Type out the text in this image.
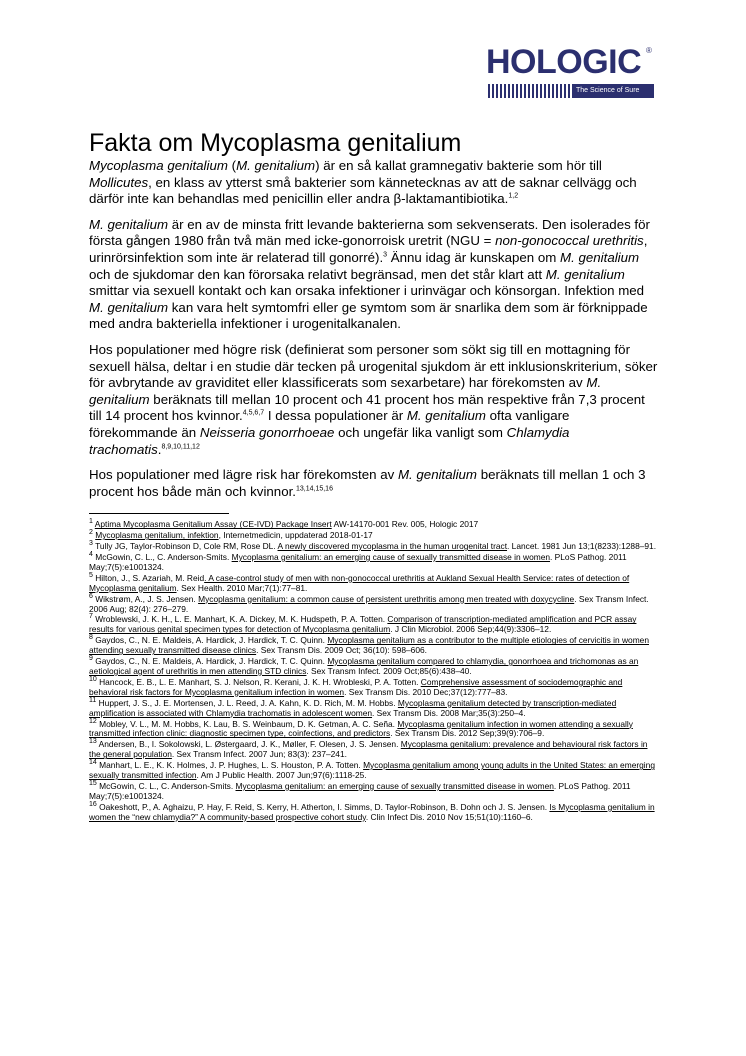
HOLOGIC ®
The Science of Sure
Fakta om Mycoplasma genitalium

Mycoplasma genitalium (M. genitalium) är en så kallat gramnegativ bakterie som hör till Mollicutes, en klass av ytterst små bakterier som kännetecknas av att de saknar cellvägg och därför inte kan behandlas med penicillin eller andra β-laktamantibiotika.$^{1,2}$

M. genitalium är en av de minsta fritt levande bakterierna som sekvenserats. Den isolerades för första gången 1980 från två män med icke-gonorroisk uretrit (NGU = non-gonococcal urethritis, urinrörsinfektion som inte är relaterad till gonorré).$^3$ Ännu idag är kunskapen om M. genitalium och de sjukdomar den kan förorsaka relativt begränsad, men det står klart att M. genitalium smittar via sexuell kontakt och kan orsaka infektioner i urinvägar och könsorgan. Infektion med M. genitalium kan vara helt symtomfri eller ge symtom som är snarlika dem som är förknippade med andra bakteriella infektioner i urogenitalkanalen.

Hos populationer med högre risk (definierat som personer som sökt sig till en mottagning för sexuell hälsa, deltar i en studie där tecken på urogenital sjukdom är ett inklusionskriterium, söker för avbrytande av graviditet eller klassificerats som sexarbetare) har förekomsten av M. genitalium beräknats till mellan 10 procent och 41 procent hos män respektive från 7,3 procent till 14 procent hos kvinnor.$^{4,5,6,7}$ I dessa populationer är M. genitalium ofta vanligare förekommande än Neisseria gonorrhoeae och ungefär lika vanligt som Chlamydia trachomatis.$^{8,9,10,11,12}$

Hos populationer med lägre risk har förekomsten av M. genitalium beräknats till mellan 1 och 3 procent hos både män och kvinnor.$^{13,14,15,16}$

$^1$ Aptima Mycoplasma Genitalium Assay (CE-IVD) Package Insert AW-14170-001 Rev. 005, Hologic 2017
$^2$ Mycoplasma genitalium, infektion, Internetmedicin, uppdaterad 2018-01-17
$^3$ Tully JG, Taylor-Robinson D, Cole RM, Rose DL. A newly discovered mycoplasma in the human urogenital tract. Lancet. 1981 Jun 13;1(8233):1288–91.
$^4$ McGowin, C. L., C. Anderson-Smits. Mycoplasma genitalium: an emerging cause of sexually transmitted disease in women. PLoS Pathog. 2011 May;7(5):e1001324.
$^5$ Hilton, J., S. Azariah, M. Reid. A case-control study of men with non-gonococcal urethritis at Aukland Sexual Health Service: rates of detection of Mycoplasma genitalium. Sex Health. 2010 Mar;7(1):77–81.
$^6$ Wikstrøm, A., J. S. Jensen. Mycoplasma genitalium: a common cause of persistent urethritis among men treated with doxycycline. Sex Transm Infect. 2006 Aug; 82(4): 276–279.
$^7$ Wroblewski, J. K. H., L. E. Manhart, K. A. Dickey, M. K. Hudspeth, P. A. Totten. Comparison of transcription-mediated amplification and PCR assay results for various genital specimen types for detection of Mycoplasma genitalium. J Clin Microbiol. 2006 Sep;44(9):3306–12.
$^8$ Gaydos, C., N. E. Maldeis, A. Hardick, J. Hardick, T. C. Quinn. Mycoplasma genitalium as a contributor to the multiple etiologies of cervicitis in women attending sexually transmitted disease clinics. Sex Transm Dis. 2009 Oct; 36(10): 598–606.
$^9$ Gaydos, C., N. E. Maldeis, A. Hardick, J. Hardick, T. C. Quinn. Mycoplasma genitalium compared to chlamydia, gonorrhoea and trichomonas as an aetiological agent of urethritis in men attending STD clinics. Sex Transm Infect. 2009 Oct;85(6):438–40.
$^{10}$ Hancock, E. B., L. E. Manhart, S. J. Nelson, R. Kerani, J. K. H. Wrobleski, P. A. Totten. Comprehensive assessment of sociodemographic and behavioral risk factors for Mycoplasma genitalium infection in women. Sex Transm Dis. 2010 Dec;37(12):777–83.
$^{11}$ Huppert, J. S., J. E. Mortensen, J. L. Reed, J. A. Kahn, K. D. Rich, M. M. Hobbs. Mycoplasma genitalium detected by transcription-mediated amplification is associated with Chlamydia trachomatis in adolescent women. Sex Transm Dis. 2008 Mar;35(3):250–4.
$^{12}$ Mobley, V. L., M. M. Hobbs, K. Lau, B. S. Weinbaum, D. K. Getman, A. C. Seña. Mycoplasma genitalium infection in women attending a sexually transmitted infection clinic: diagnostic specimen type, coinfections, and predictors. Sex Transm Dis. 2012 Sep;39(9):706–9.
$^{13}$ Andersen, B., I. Sokolowski, L. Østergaard, J. K., Møller, F. Olesen, J. S. Jensen. Mycoplasma genitalium: prevalence and behavioural risk factors in the general population. Sex Transm Infect. 2007 Jun; 83(3): 237–241.
$^{14}$ Manhart, L. E., K. K. Holmes, J. P. Hughes, L. S. Houston, P. A. Totten. Mycoplasma genitalium among young adults in the United States: an emerging sexually transmitted infection. Am J Public Health. 2007 Jun;97(6):1118-25.
$^{15}$ McGowin, C. L., C. Anderson-Smits. Mycoplasma genitalium: an emerging cause of sexually transmitted disease in women. PLoS Pathog. 2011 May;7(5):e1001324.
$^{16}$ Oakeshott, P., A. Aghaizu, P. Hay, F. Reid, S. Kerry, H. Atherton, I. Simms, D. Taylor-Robinson, B. Dohn och J. S. Jensen. Is Mycoplasma genitalium in women the “new chlamydia?” A community-based prospective cohort study. Clin Infect Dis. 2010 Nov 15;51(10):1160–6.
